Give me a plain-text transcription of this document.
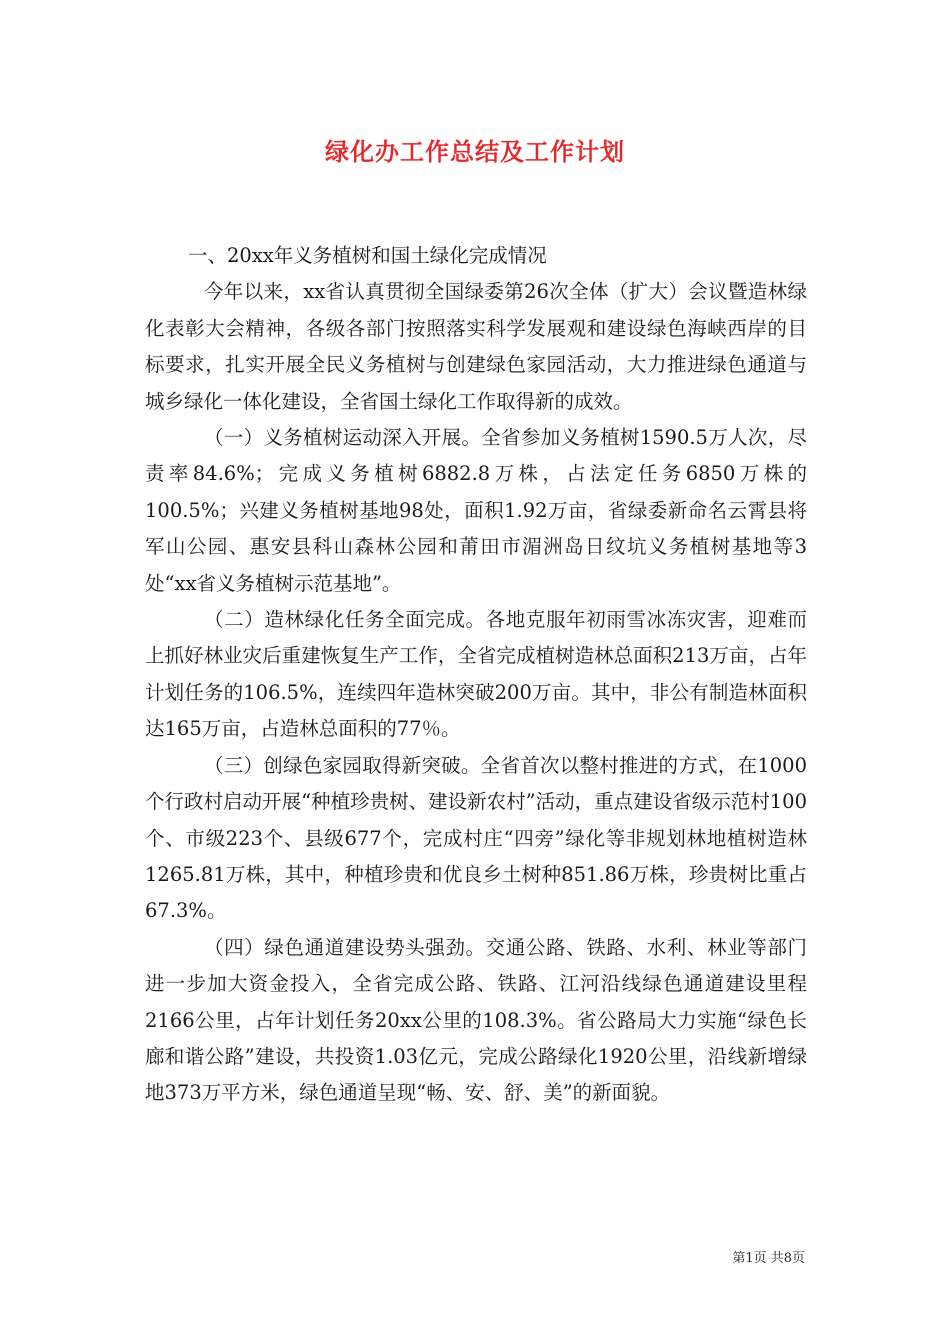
绿化办工作总结及工作计划

一、20xx年义务植树和国土绿化完成情况

今年以来，xx省认真贯彻全国绿委第26次全体（扩大）会议暨造林绿化表彰大会精神，各级各部门按照落实科学发展观和建设绿色海峡西岸的目标要求，扎实开展全民义务植树与创建绿色家园活动，大力推进绿色通道与城乡绿化一体化建设，全省国土绿化工作取得新的成效。

（一）义务植树运动深入开展。全省参加义务植树1590.5万人次，尽责率84.6%；完成义务植树6882.8万株，占法定任务6850万株的100.5%；兴建义务植树基地98处，面积1.92万亩，省绿委新命名云霄县将军山公园、惠安县科山森林公园和莆田市湄洲岛日纹坑义务植树基地等3处“xx省义务植树示范基地”。

（二）造林绿化任务全面完成。各地克服年初雨雪冰冻灾害，迎难而上抓好林业灾后重建恢复生产工作，全省完成植树造林总面积213万亩，占年计划任务的106.5%，连续四年造林突破200万亩。其中，非公有制造林面积达165万亩，占造林总面积的77％。

（三）创绿色家园取得新突破。全省首次以整村推进的方式，在1000个行政村启动开展“种植珍贵树、建设新农村”活动，重点建设省级示范村100个、市级223个、县级677个，完成村庄“四旁”绿化等非规划林地植树造林1265.81万株，其中，种植珍贵和优良乡土树种851.86万株，珍贵树比重占67.3%。

（四）绿色通道建设势头强劲。交通公路、铁路、水利、林业等部门进一步加大资金投入，全省完成公路、铁路、江河沿线绿色通道建设里程2166公里，占年计划任务20xx公里的108.3%。省公路局大力实施“绿色长廊和谐公路”建设，共投资1.03亿元，完成公路绿化1920公里，沿线新增绿地373万平方米，绿色通道呈现“畅、安、舒、美”的新面貌。

第1页 共8页
